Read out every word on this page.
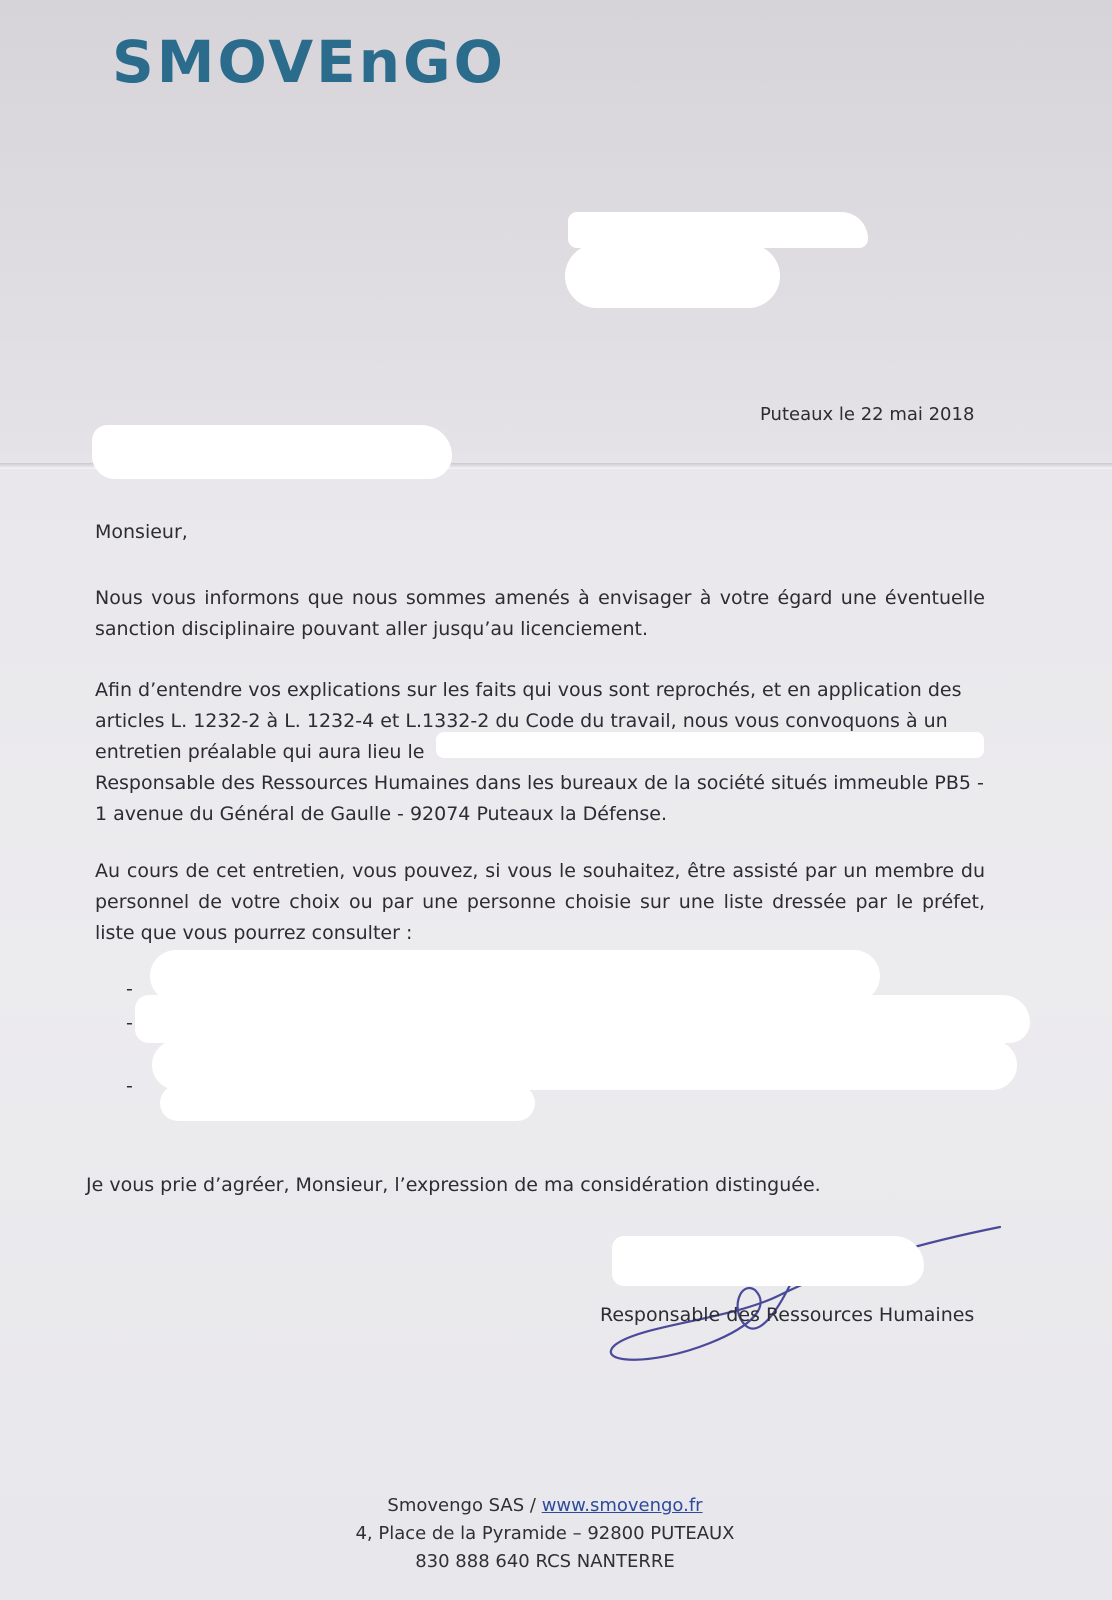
SMOVEnGO
Puteaux le 22 mai 2018
Monsieur,
Nous vous informons que nous sommes amenés à envisager à votre égard une éventuelle sanction disciplinaire pouvant aller jusqu’au licenciement.
Afin d’entendre vos explications sur les faits qui vous sont reprochés, et en application des
articles L. 1232-2 à L. 1232-4 et L.1332-2 du Code du travail, nous vous convoquons à un
entretien préalable qui aura lieu le
Responsable des Ressources Humaines dans les bureaux de la société situés immeuble PB5 -
1 avenue du Général de Gaulle - 92074 Puteaux la Défense.
Au cours de cet entretien, vous pouvez, si vous le souhaitez, être assisté par un membre du personnel de votre choix ou par une personne choisie sur une liste dressée par le préfet, liste que vous pourrez consulter :
-
-
-
Je vous prie d’agréer, Monsieur, l’expression de ma considération distinguée.
Responsable des Ressources Humaines
Smovengo SAS / www.smovengo.fr
4, Place de la Pyramide – 92800 PUTEAUX
830 888 640 RCS NANTERRE
